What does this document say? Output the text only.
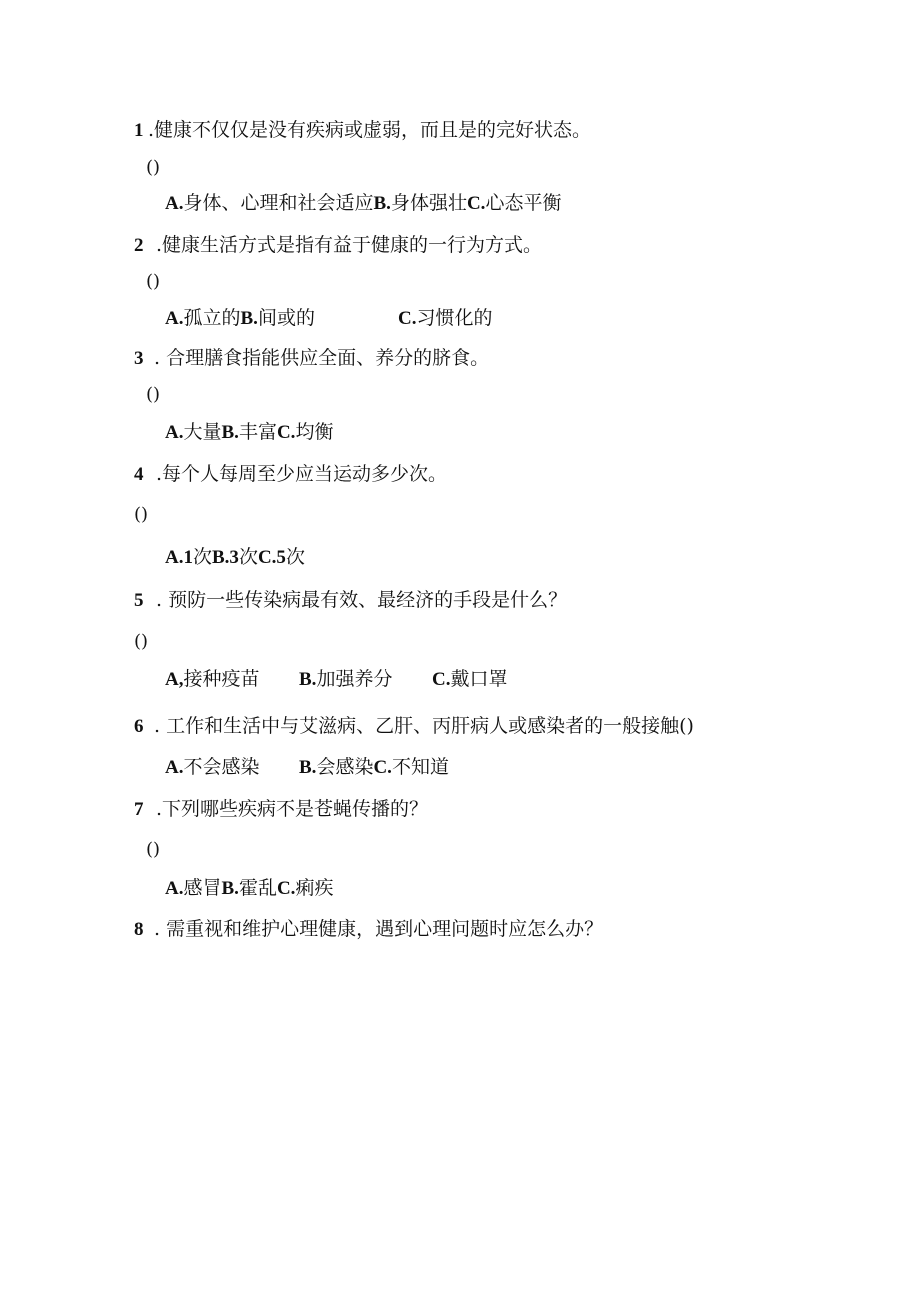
1 .健康不仅仅是没有疾病或虚弱，而且是的完好状态。
()
A.身体、心理和社会适应B.身体强壮C.心态平衡
2 .健康生活方式是指有益于健康的一行为方式。
()
A.孤立的B.间或的	C.习惯化的
3 . 合理膳食指能供应全面、养分的脐食。
()
A.大量B.丰富C.均衡
4 .每个人每周至少应当运动多少次。
()
A.1次B.3次C.5次
5 . 预防一些传染病最有效、最经济的手段是什么？
()
A,接种疫苗 B.加强养分 C.戴口罩
6 . 工作和生活中与艾滋病、乙肝、丙肝病人或感染者的一般接触()
A.不会感染 B.会感染C.不知道
7 .下列哪些疾病不是苍蝇传播的？
()
A.感冒B.霍乱C.痢疾
8 . 需重视和维护心理健康，遇到心理问题时应怎么办？
